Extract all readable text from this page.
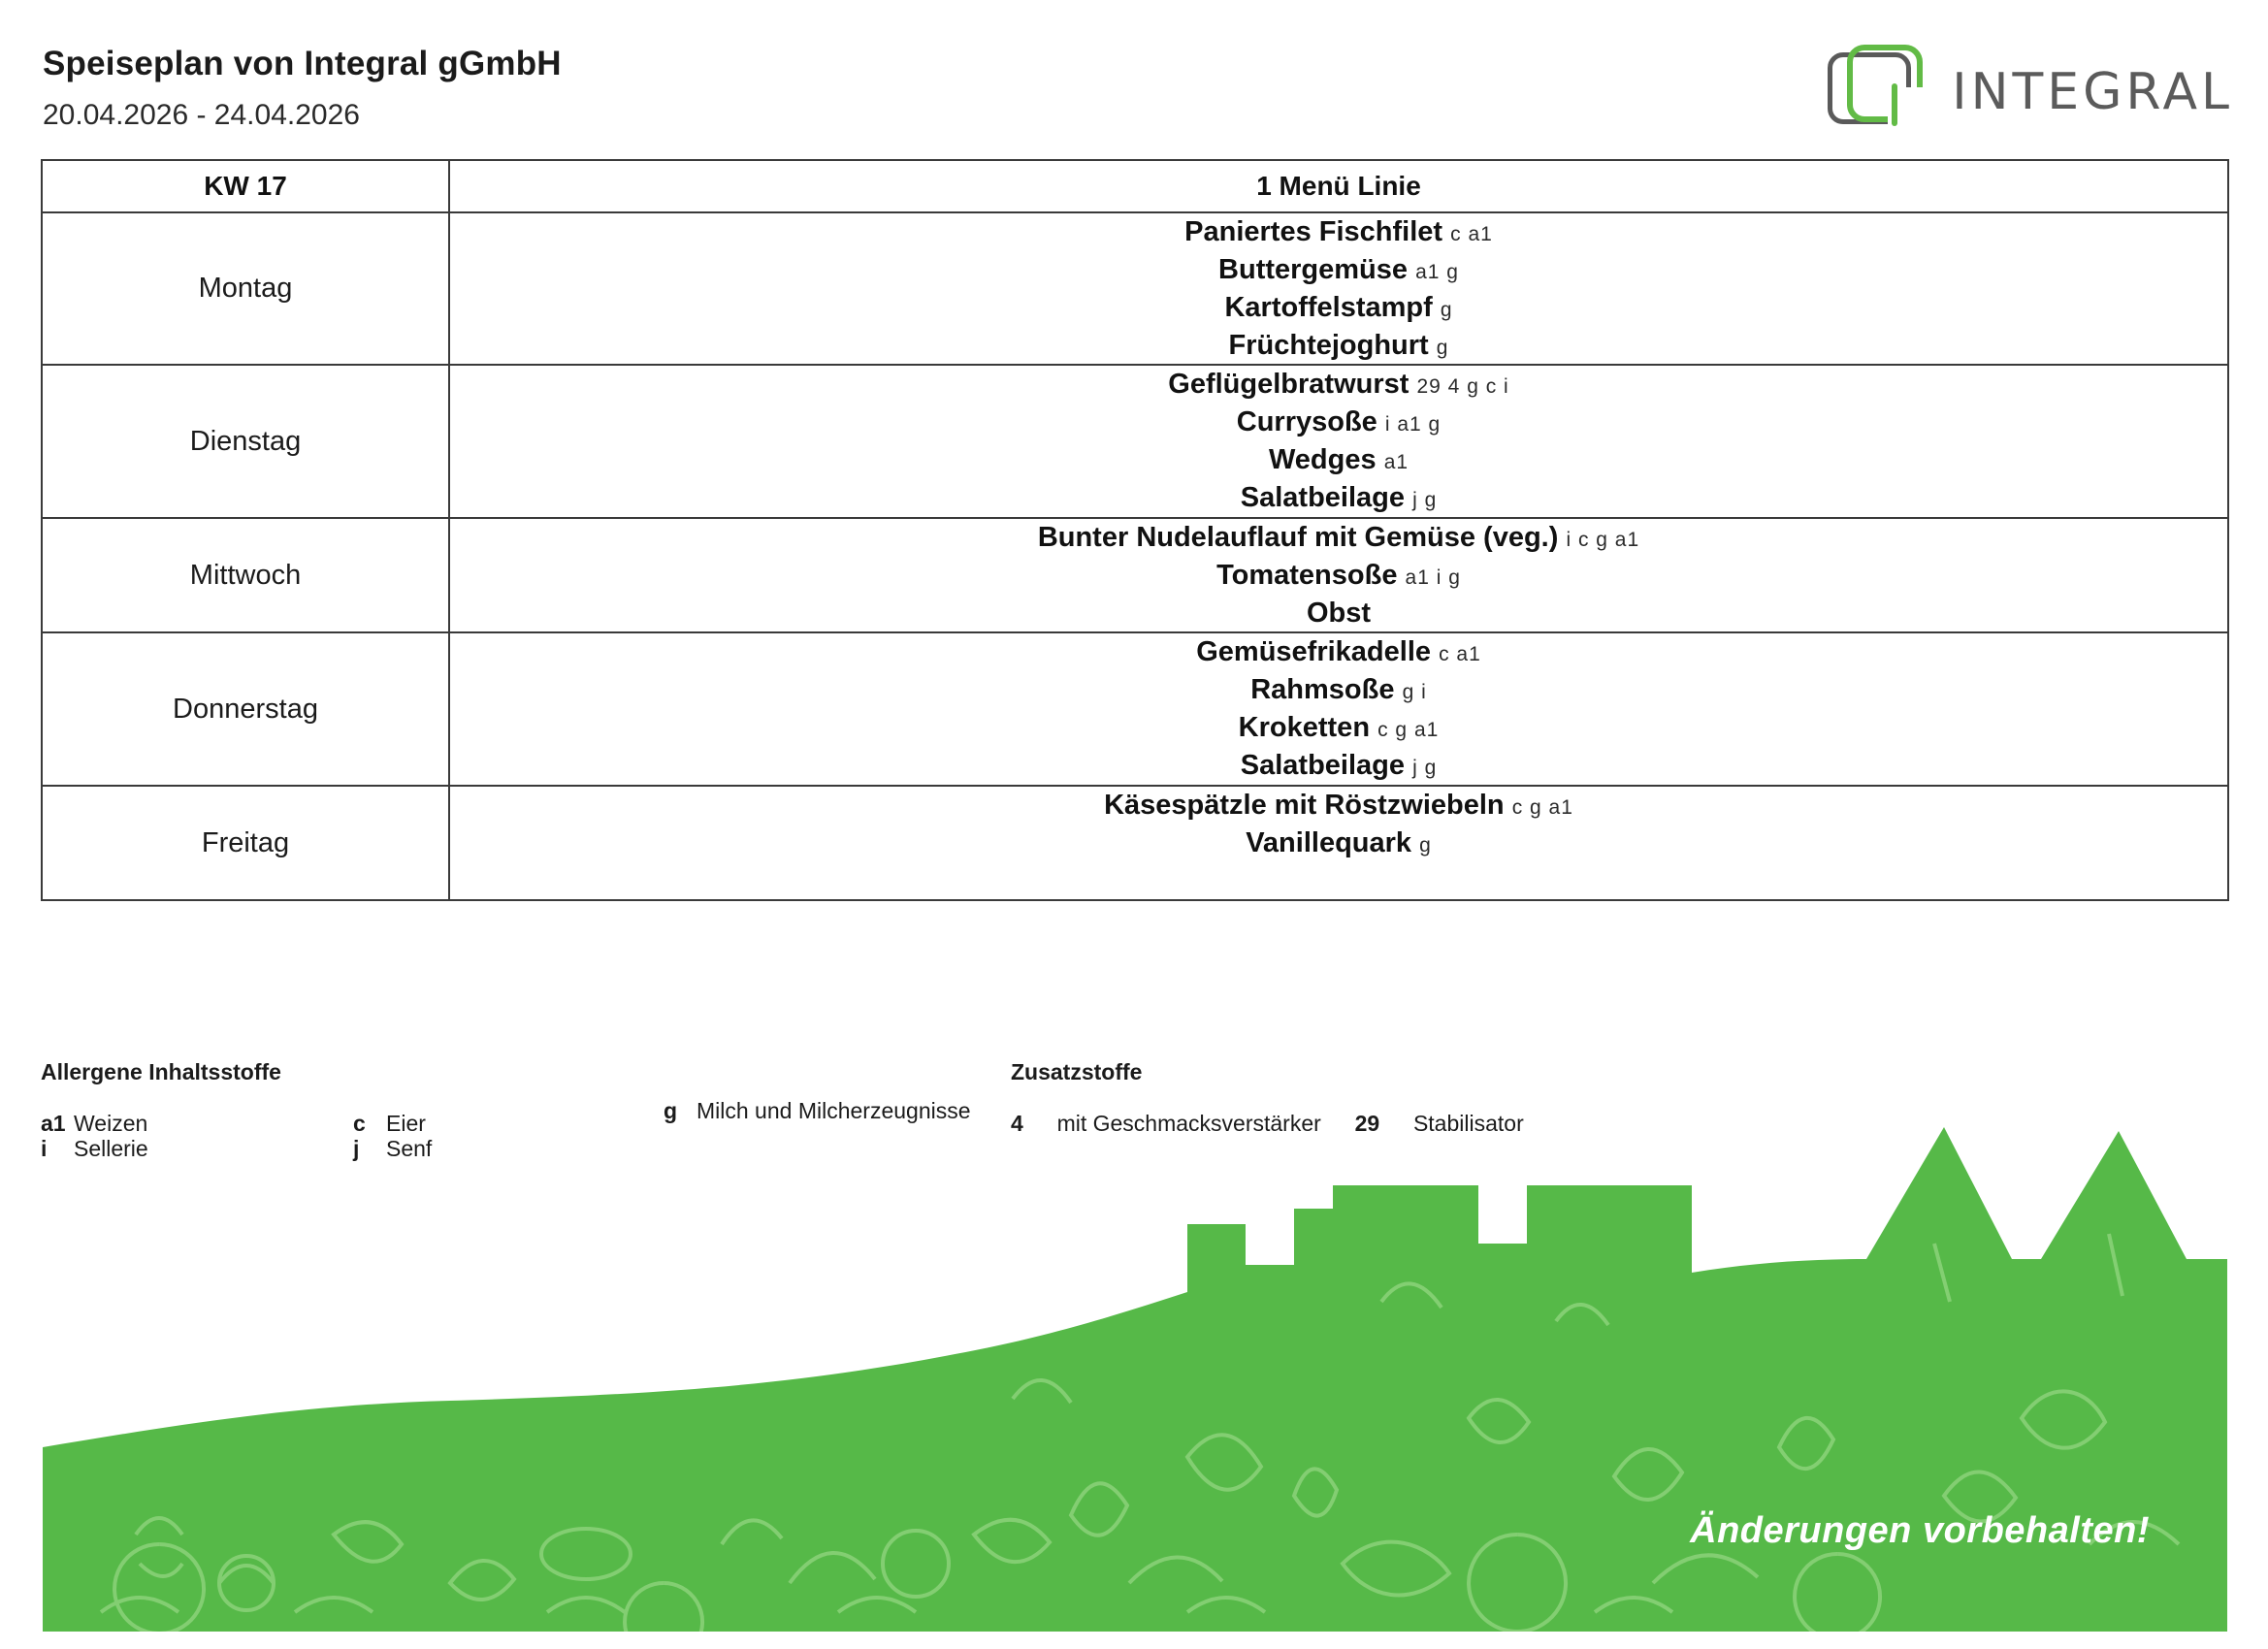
Speiseplan von Integral gGmbH
20.04.2026 - 24.04.2026	INTEGRAL
KW 17	1 Menü Linie
Montag	Paniertes Fischfilet c a1
Buttergemüse a1 g
Kartoffelstampf g
Früchtejoghurt g

Dienstag	Geflügelbratwurst 29 4 g c i
Currysoße i a1 g
Wedges a1
Salatbeilage j g

Mittwoch	Bunter Nudelauflauf mit Gemüse (veg.) i c g a1
Tomatensoße a1 i g
Obst

Donnerstag	Gemüsefrikadelle c a1
Rahmsoße g i
Kroketten c g a1
Salatbeilage j g

Freitag	Käsespätzle mit Röstzwiebeln c g a1
Vanillequark g

Allergene Inhaltsstoffe
a1 Weizen
i Sellerie
c Eier
j Senf
g Milch und Milcherzeugnisse

Zusatzstoffe
4 mit Geschmacksverstärker 29 Stabilisator
Änderungen vorbehalten!
